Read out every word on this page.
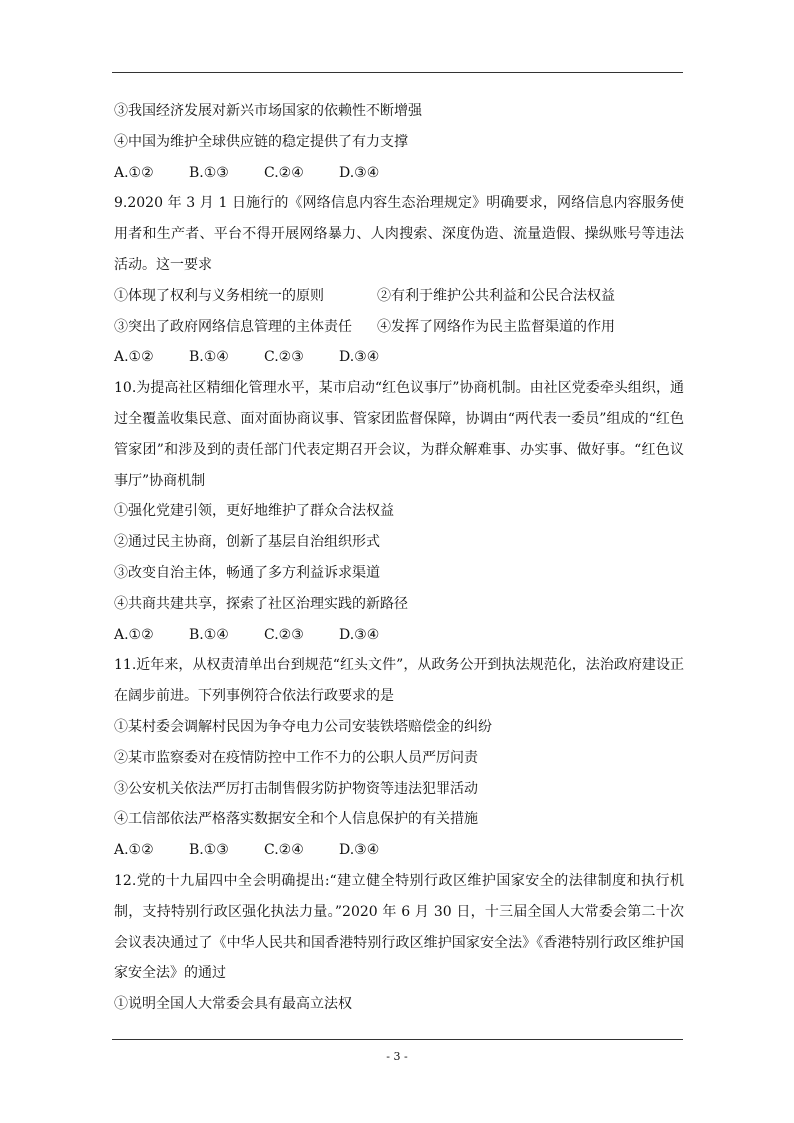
③我国经济发展对新兴市场国家的依赖性不断增强
④中国为维护全球供应链的稳定提供了有力支撑
A.①②	B.①③	C.②④	D.③④
9.2020 年 3 月 1 日施行的《网络信息内容生态治理规定》明确要求，网络信息内容服务使用者和生产者、平台不得开展网络暴力、人肉搜索、深度伪造、流量造假、操纵账号等违法活动。这一要求
①体现了权利与义务相统一的原则	②有利于维护公共利益和公民合法权益
③突出了政府网络信息管理的主体责任	④发挥了网络作为民主监督渠道的作用
A.①②	B.①④	C.②③	D.③④
10.为提高社区精细化管理水平，某市启动“红色议事厅”协商机制。由社区党委牵头组织，通过全覆盖收集民意、面对面协商议事、管家团监督保障，协调由“两代表一委员”组成的“红色管家团”和涉及到的责任部门代表定期召开会议，为群众解难事、办实事、做好事。“红色议事厅”协商机制
①强化党建引领，更好地维护了群众合法权益
②通过民主协商，创新了基层自治组织形式
③改变自治主体，畅通了多方利益诉求渠道
④共商共建共享，探索了社区治理实践的新路径
A.①②	B.①④	C.②③	D.③④
11.近年来，从权责清单出台到规范“红头文件”，从政务公开到执法规范化，法治政府建设正在阔步前进。下列事例符合依法行政要求的是
①某村委会调解村民因为争夺电力公司安装铁塔赔偿金的纠纷
②某市监察委对在疫情防控中工作不力的公职人员严厉问责
③公安机关依法严厉打击制售假劣防护物资等违法犯罪活动
④工信部依法严格落实数据安全和个人信息保护的有关措施
A.①②	B.①③	C.②④	D.③④
12.党的十九届四中全会明确提出:“建立健全特别行政区维护国家安全的法律制度和执行机制，支持特别行政区强化执法力量。”2020 年 6 月 30 日，十三届全国人大常委会第二十次会议表决通过了《中华人民共和国香港特别行政区维护国家安全法》《香港特别行政区维护国家安全法》的通过
①说明全国人大常委会具有最高立法权
- 3 -
